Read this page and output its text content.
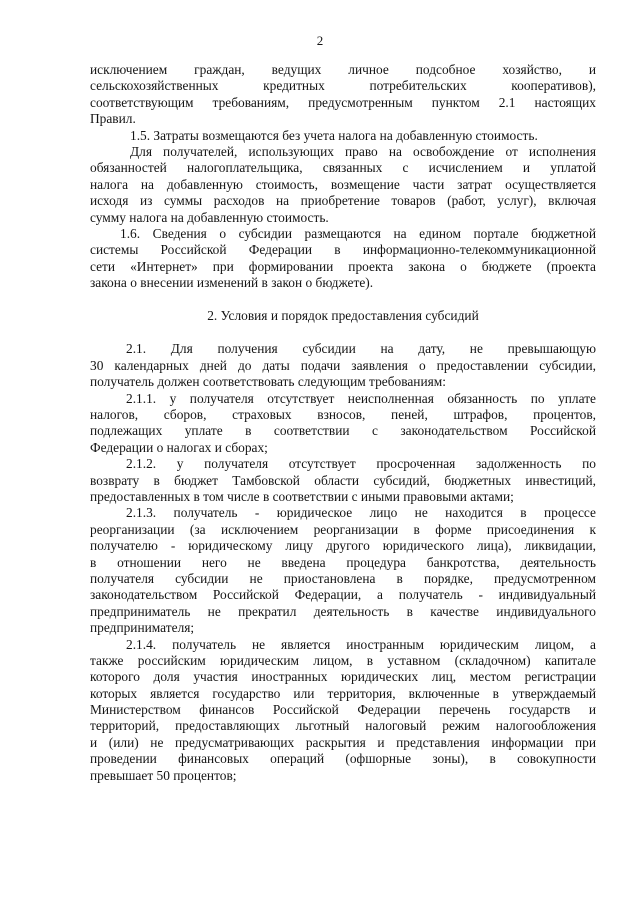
2
исключением граждан, ведущих личное подсобное хозяйство, и
сельскохозяйственных кредитных потребительских кооперативов),
соответствующим требованиям, предусмотренным пунктом 2.1 настоящих
Правил.
1.5. Затраты возмещаются без учета налога на добавленную стоимость.
Для получателей, использующих право на освобождение от исполнения
обязанностей налогоплательщика, связанных с исчислением и уплатой
налога на добавленную стоимость, возмещение части затрат осуществляется
исходя из суммы расходов на приобретение товаров (работ, услуг), включая
сумму налога на добавленную стоимость.
1.6. Сведения о субсидии размещаются на едином портале бюджетной
системы Российской Федерации в информационно-телекоммуникационной
сети «Интернет» при формировании проекта закона о бюджете (проекта
закона о внесении изменений в закон о бюджете).
2. Условия и порядок предоставления субсидий
2.1. Для получения субсидии на дату, не превышающую
30 календарных дней до даты подачи заявления о предоставлении субсидии,
получатель должен соответствовать следующим требованиям:
2.1.1. у получателя отсутствует неисполненная обязанность по уплате
налогов, сборов, страховых взносов, пеней, штрафов, процентов,
подлежащих уплате в соответствии с законодательством Российской
Федерации о налогах и сборах;
2.1.2. у получателя отсутствует просроченная задолженность по
возврату в бюджет Тамбовской области субсидий, бюджетных инвестиций,
предоставленных в том числе в соответствии с иными правовыми актами;
2.1.3. получатель - юридическое лицо не находится в процессе
реорганизации (за исключением реорганизации в форме присоединения к
получателю - юридическому лицу другого юридического лица), ликвидации,
в отношении него не введена процедура банкротства, деятельность
получателя субсидии не приостановлена в порядке, предусмотренном
законодательством Российской Федерации, а получатель - индивидуальный
предприниматель не прекратил деятельность в качестве индивидуального
предпринимателя;
2.1.4. получатель не является иностранным юридическим лицом, а
также российским юридическим лицом, в уставном (складочном) капитале
которого доля участия иностранных юридических лиц, местом регистрации
которых является государство или территория, включенные в утверждаемый
Министерством финансов Российской Федерации перечень государств и
территорий, предоставляющих льготный налоговый режим налогообложения
и (или) не предусматривающих раскрытия и представления информации при
проведении финансовых операций (офшорные зоны), в совокупности
превышает 50 процентов;
